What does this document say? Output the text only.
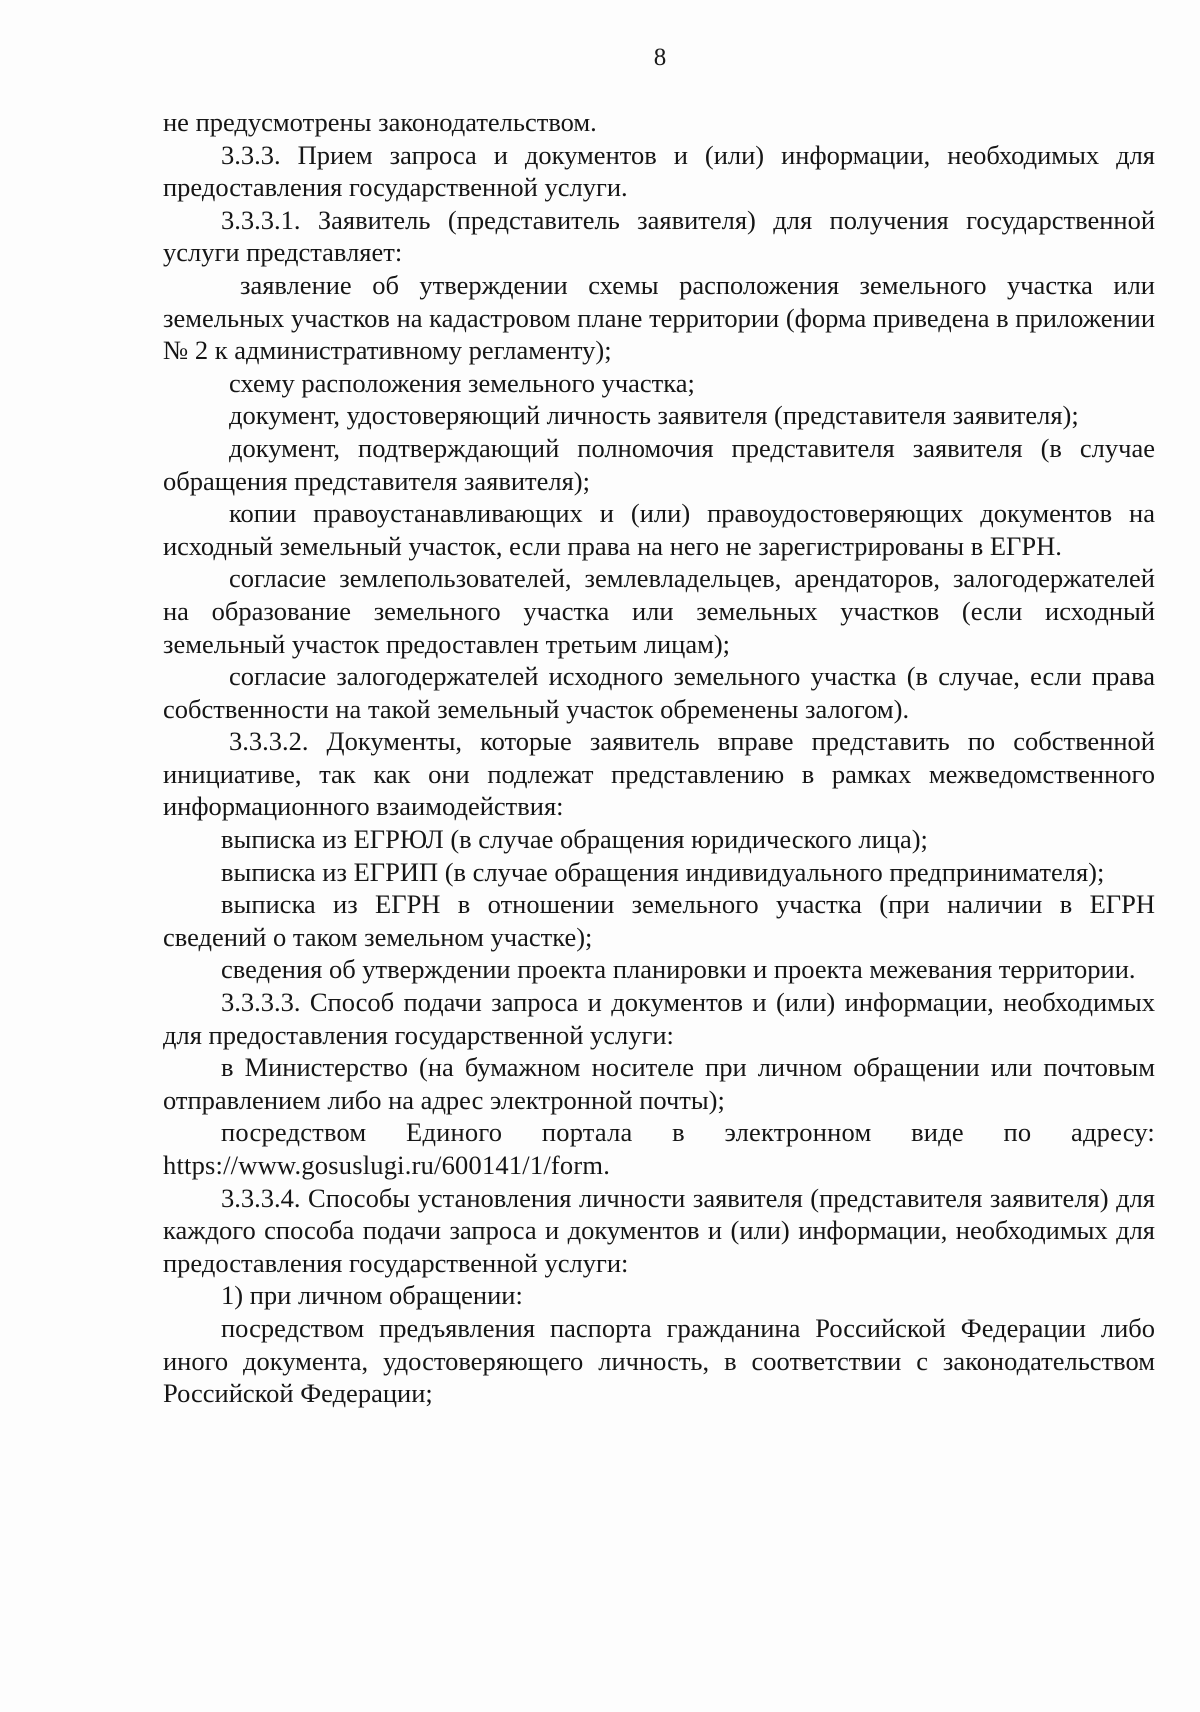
8

не предусмотрены законодательством.

3.3.3. Прием запроса и документов и (или) информации, необходимых для предоставления государственной услуги.

3.3.3.1. Заявитель (представитель заявителя) для получения государственной услуги представляет:

заявление об утверждении схемы расположения земельного участка или земельных участков на кадастровом плане территории (форма приведена в приложении № 2 к административному регламенту);

схему расположения земельного участка;

документ, удостоверяющий личность заявителя (представителя заявителя);

документ, подтверждающий полномочия представителя заявителя (в случае обращения представителя заявителя);

копии правоустанавливающих и (или) правоудостоверяющих документов на исходный земельный участок, если права на него не зарегистрированы в ЕГРН.

согласие землепользователей, землевладельцев, арендаторов, залогодержателей на образование земельного участка или земельных участков (если исходный земельный участок предоставлен третьим лицам);

согласие залогодержателей исходного земельного участка (в случае, если права собственности на такой земельный участок обременены залогом).

3.3.3.2. Документы, которые заявитель вправе представить по собственной инициативе, так как они подлежат представлению в рамках межведомственного информационного взаимодействия:

выписка из ЕГРЮЛ (в случае обращения юридического лица);

выписка из ЕГРИП (в случае обращения индивидуального предпринимателя);

выписка из ЕГРН в отношении земельного участка (при наличии в ЕГРН сведений о таком земельном участке);

сведения об утверждении проекта планировки и проекта межевания территории.

3.3.3.3. Способ подачи запроса и документов и (или) информации, необходимых для предоставления государственной услуги:

в Министерство (на бумажном носителе при личном обращении или почтовым отправлением либо на адрес электронной почты);

посредством Единого портала в электронном виде по адресу: https://www.gosuslugi.ru/600141/1/form.

3.3.3.4. Способы установления личности заявителя (представителя заявителя) для каждого способа подачи запроса и документов и (или) информации, необходимых для предоставления государственной услуги:

1) при личном обращении:

посредством предъявления паспорта гражданина Российской Федерации либо иного документа, удостоверяющего личность, в соответствии с законодательством Российской Федерации;
